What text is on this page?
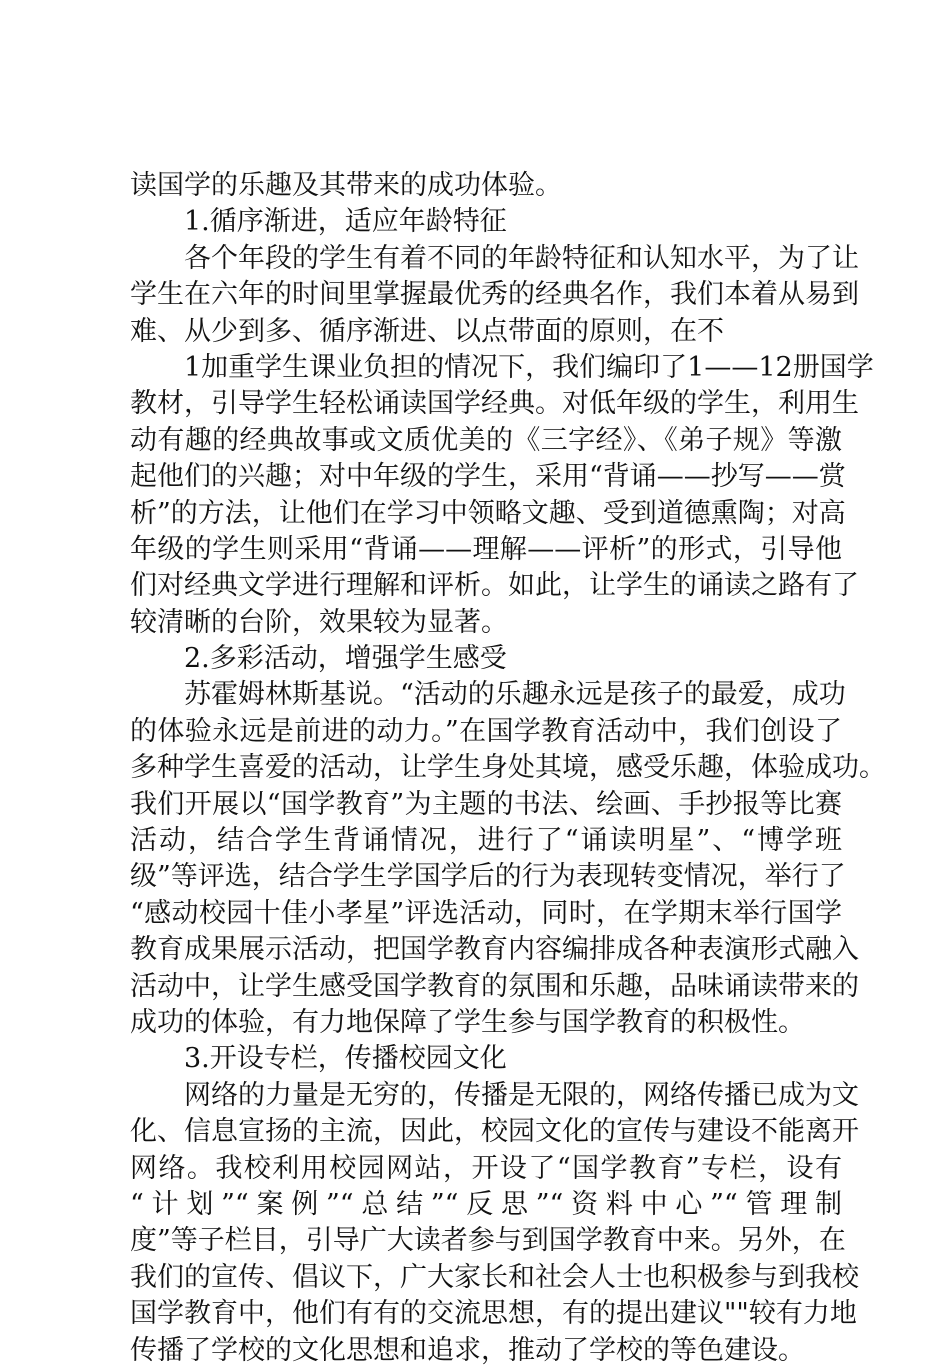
读国学的乐趣及其带来的成功体验。
1.循序渐进，适应年龄特征
各个年段的学生有着不同的年龄特征和认知水平，为了让
学生在六年的时间里掌握最优秀的经典名作，我们本着从易到
难、从少到多、循序渐进、以点带面的原则，在不
1加重学生课业负担的情况下，我们编印了1——12册国学
教材，引导学生轻松诵读国学经典。对低年级的学生，利用生
动有趣的经典故事或文质优美的《三字经》、《弟子规》等激
起他们的兴趣；对中年级的学生，采用“背诵——抄写——赏
析”的方法，让他们在学习中领略文趣、受到道德熏陶；对高
年级的学生则采用“背诵——理解——评析”的形式，引导他
们对经典文学进行理解和评析。如此，让学生的诵读之路有了
较清晰的台阶，效果较为显著。
2.多彩活动，增强学生感受
苏霍姆林斯基说。“活动的乐趣永远是孩子的最爱，成功
的体验永远是前进的动力。”在国学教育活动中，我们创设了
多种学生喜爱的活动，让学生身处其境，感受乐趣，体验成功。
我们开展以“国学教育”为主题的书法、绘画、手抄报等比赛
活动，结合学生背诵情况，进行了“诵读明星”、“博学班
级”等评选，结合学生学国学后的行为表现转变情况，举行了
“感动校园十佳小孝星”评选活动，同时，在学期末举行国学
教育成果展示活动，把国学教育内容编排成各种表演形式融入
活动中，让学生感受国学教育的氛围和乐趣，品味诵读带来的
成功的体验，有力地保障了学生参与国学教育的积极性。
3.开设专栏，传播校园文化
网络的力量是无穷的，传播是无限的，网络传播已成为文
化、信息宣扬的主流，因此，校园文化的宣传与建设不能离开
网络。我校利用校园网站，开设了“国学教育”专栏，设有
“计划”“案例”“总结”“反思”“资料中心”“管理制
度”等子栏目，引导广大读者参与到国学教育中来。另外，在
我们的宣传、倡议下，广大家长和社会人士也积极参与到我校
国学教育中，他们有有的交流思想，有的提出建议""较有力地
传播了学校的文化思想和追求，推动了学校的等色建设。
